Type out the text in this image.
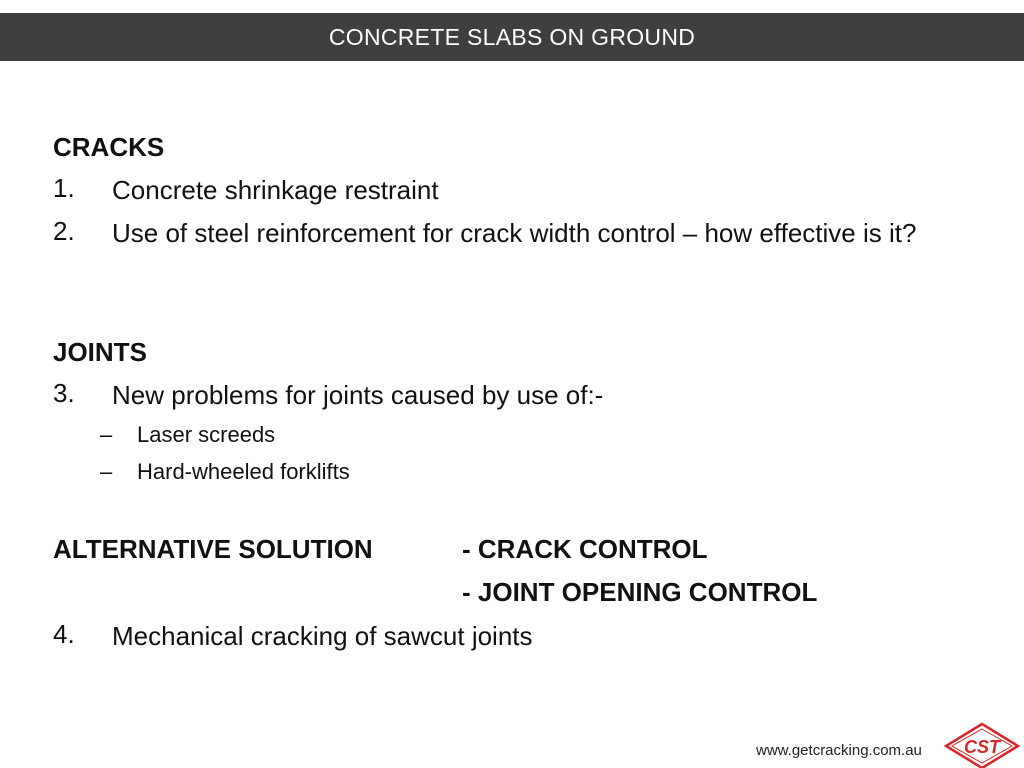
CONCRETE SLABS ON GROUND
CRACKS
1. Concrete shrinkage restraint
2. Use of steel reinforcement for crack width control – how effective is it?
JOINTS
3. New problems for joints caused by use of:-
– Laser screeds
– Hard-wheeled forklifts
ALTERNATIVE SOLUTION	- CRACK CONTROL
- JOINT OPENING CONTROL
4. Mechanical cracking of sawcut joints
www.getcracking.com.au CST
